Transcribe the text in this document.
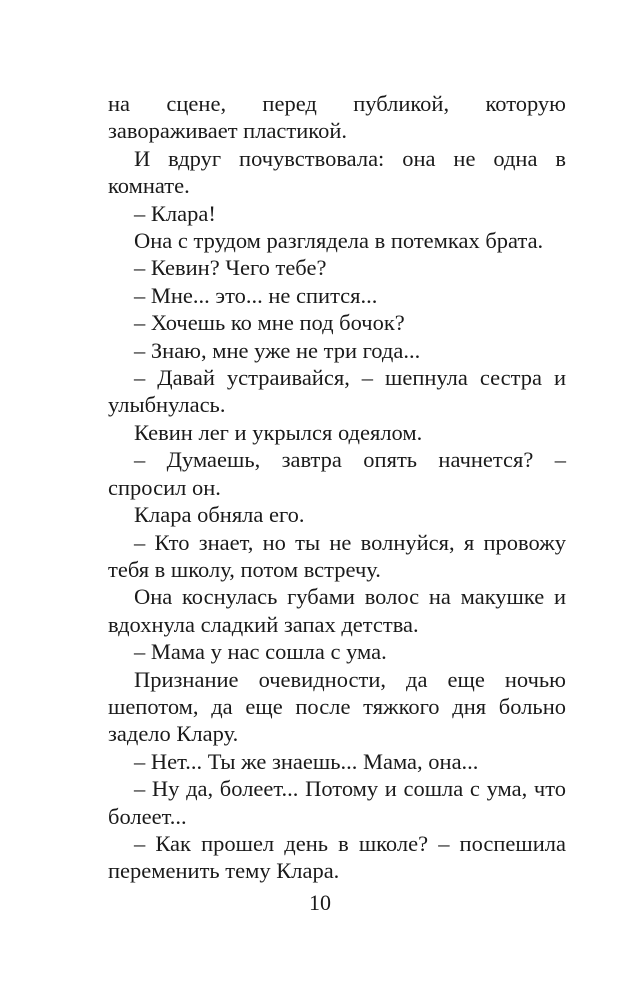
на сцене, перед публикой, которую завораживает пластикой.

И вдруг почувствовала: она не одна в комнате.

– Клара!

Она с трудом разглядела в потемках брата.

– Кевин? Чего тебе?

– Мне... это... не спится...

– Хочешь ко мне под бочок?

– Знаю, мне уже не три года...

– Давай устраивайся, – шепнула сестра и улыбнулась.

Кевин лег и укрылся одеялом.

– Думаешь, завтра опять начнется? – спросил он.

Клара обняла его.

– Кто знает, но ты не волнуйся, я провожу тебя в школу, потом встречу.

Она коснулась губами волос на макушке и вдохнула сладкий запах детства.

– Мама у нас сошла с ума.

Признание очевидности, да еще ночью шепотом, да еще после тяжкого дня больно задело Клару.

– Нет... Ты же знаешь... Мама, она...

– Ну да, болеет... Потому и сошла с ума, что болеет...

– Как прошел день в школе? – поспешила переменить тему Клара.

10
